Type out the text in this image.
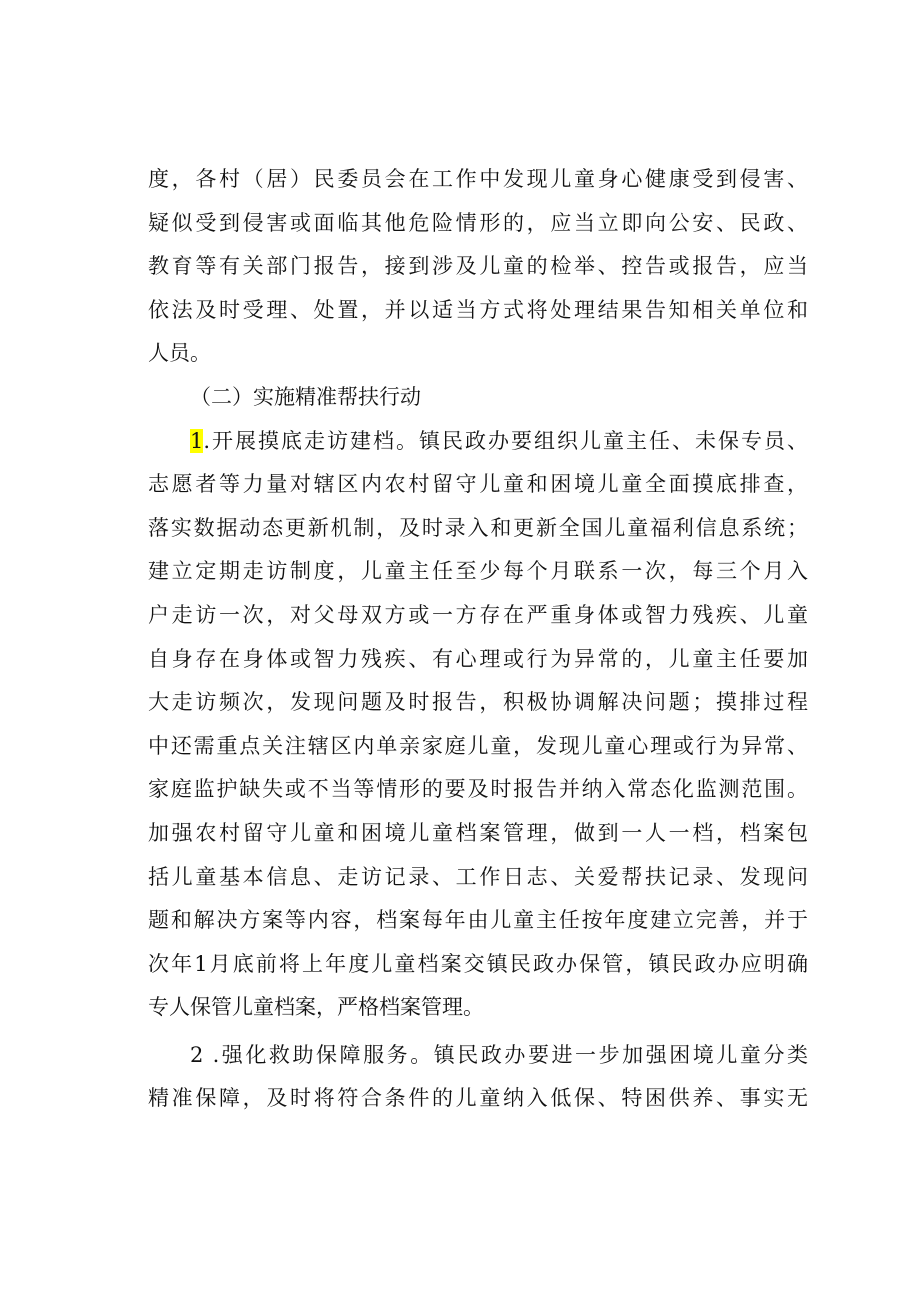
度，各村（居）民委员会在工作中发现儿童身心健康受到侵害、
疑似受到侵害或面临其他危险情形的，应当立即向公安、民政、
教育等有关部门报告，接到涉及儿童的检举、控告或报告，应当
依法及时受理、处置，并以适当方式将处理结果告知相关单位和
人员。
（二）实施精准帮扶行动
1.开展摸底走访建档。镇民政办要组织儿童主任、未保专员、
志愿者等力量对辖区内农村留守儿童和困境儿童全面摸底排查，
落实数据动态更新机制，及时录入和更新全国儿童福利信息系统；
建立定期走访制度，儿童主任至少每个月联系一次，每三个月入
户走访一次，对父母双方或一方存在严重身体或智力残疾、儿童
自身存在身体或智力残疾、有心理或行为异常的，儿童主任要加
大走访频次，发现问题及时报告，积极协调解决问题；摸排过程
中还需重点关注辖区内单亲家庭儿童，发现儿童心理或行为异常、
家庭监护缺失或不当等情形的要及时报告并纳入常态化监测范围。
加强农村留守儿童和困境儿童档案管理，做到一人一档，档案包
括儿童基本信息、走访记录、工作日志、关爱帮扶记录、发现问
题和解决方案等内容，档案每年由儿童主任按年度建立完善，并于
次年1月底前将上年度儿童档案交镇民政办保管，镇民政办应明确
专人保管儿童档案，严格档案管理。
2 .强化救助保障服务。镇民政办要进一步加强困境儿童分类
精准保障，及时将符合条件的儿童纳入低保、特困供养、事实无
